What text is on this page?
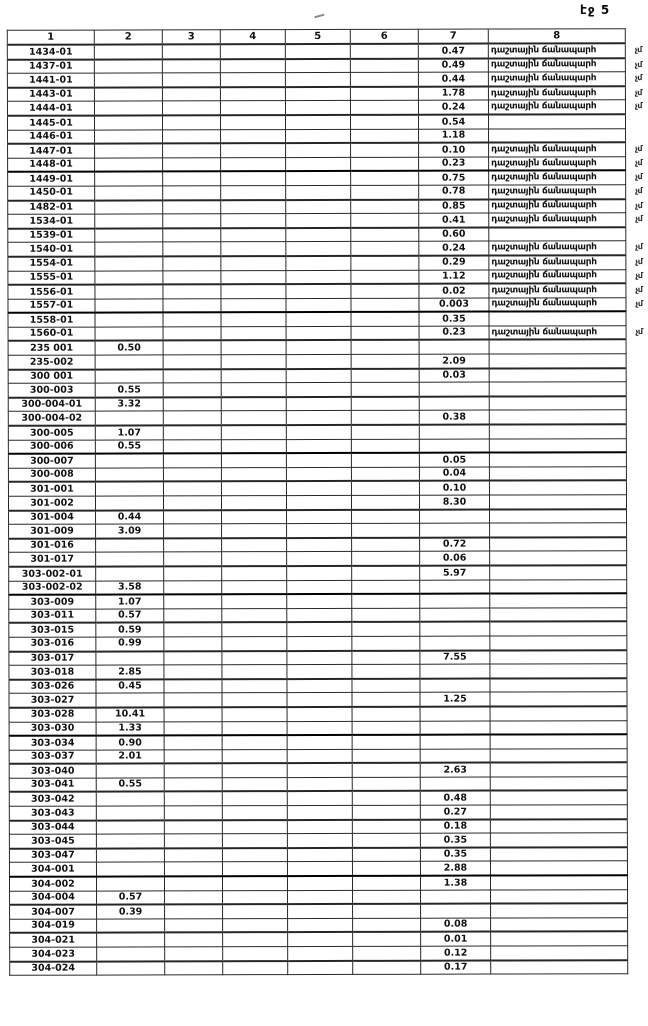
էջ 5
1	2	3	4	5	6	7	8
1434-01						0.47	դաշտային ճանապարհ չմ

1437-01						0.49	դաշտային ճանապարհ չմ

1441-01						0.44	դաշտային ճանապարհ չմ

1443-01						1.78	դաշտային ճանապարհ չմ

1444-01						0.24	դաշտային ճանապարհ չմ

1445-01						0.54	
1446-01						1.18	
1447-01						0.10	դաշտային ճանապարհ չմ

1448-01						0.23	դաշտային ճանապարհ չմ

1449-01						0.75	դաշտային ճանապարհ չմ

1450-01						0.78	դաշտային ճանապարհ չմ

1482-01						0.85	դաշտային ճանապարհ չմ

1534-01						0.41	դաշտային ճանապարհ չմ

1539-01						0.60	
1540-01						0.24	դաշտային ճանապարհ չմ

1554-01						0.29	դաշտային ճանապարհ չմ

1555-01						1.12	դաշտային ճանապարհ չմ

1556-01						0.02	դաշտային ճանապարհ չմ

1557-01						0.003	դաշտային ճանապարհ չմ

1558-01						0.35	
1560-01						0.23	դաշտային ճանապարհ չմ

235 001	0.50						
235-002						2.09	
300 001						0.03	
300-003	0.55						
300-004-01	3.32						
300-004-02						0.38	
300-005	1.07						
300-006	0.55						
300-007						0.05	
300-008						0.04	
301-001						0.10	
301-002						8.30	
301-004	0.44						
301-009	3.09						
301-016						0.72	
301-017						0.06	
303-002-01						5.97	
303-002-02	3.58						
303-009	1.07						
303-011	0.57						
303-015	0.59						
303-016	0.99						
303-017						7.55	
303-018	2.85						
303-026	0.45						
303-027						1.25	
303-028	10.41						
303-030	1.33						
303-034	0.90						
303-037	2.01						
303-040						2.63	
303-041	0.55						
303-042						0.48	
303-043						0.27	
303-044						0.18	
303-045						0.35	
303-047						0.35	
304-001						2.88	
304-002						1.38	
304-004	0.57						
304-007	0.39						
304-019						0.08	
304-021						0.01	
304-023						0.12	
304-024						0.17	
